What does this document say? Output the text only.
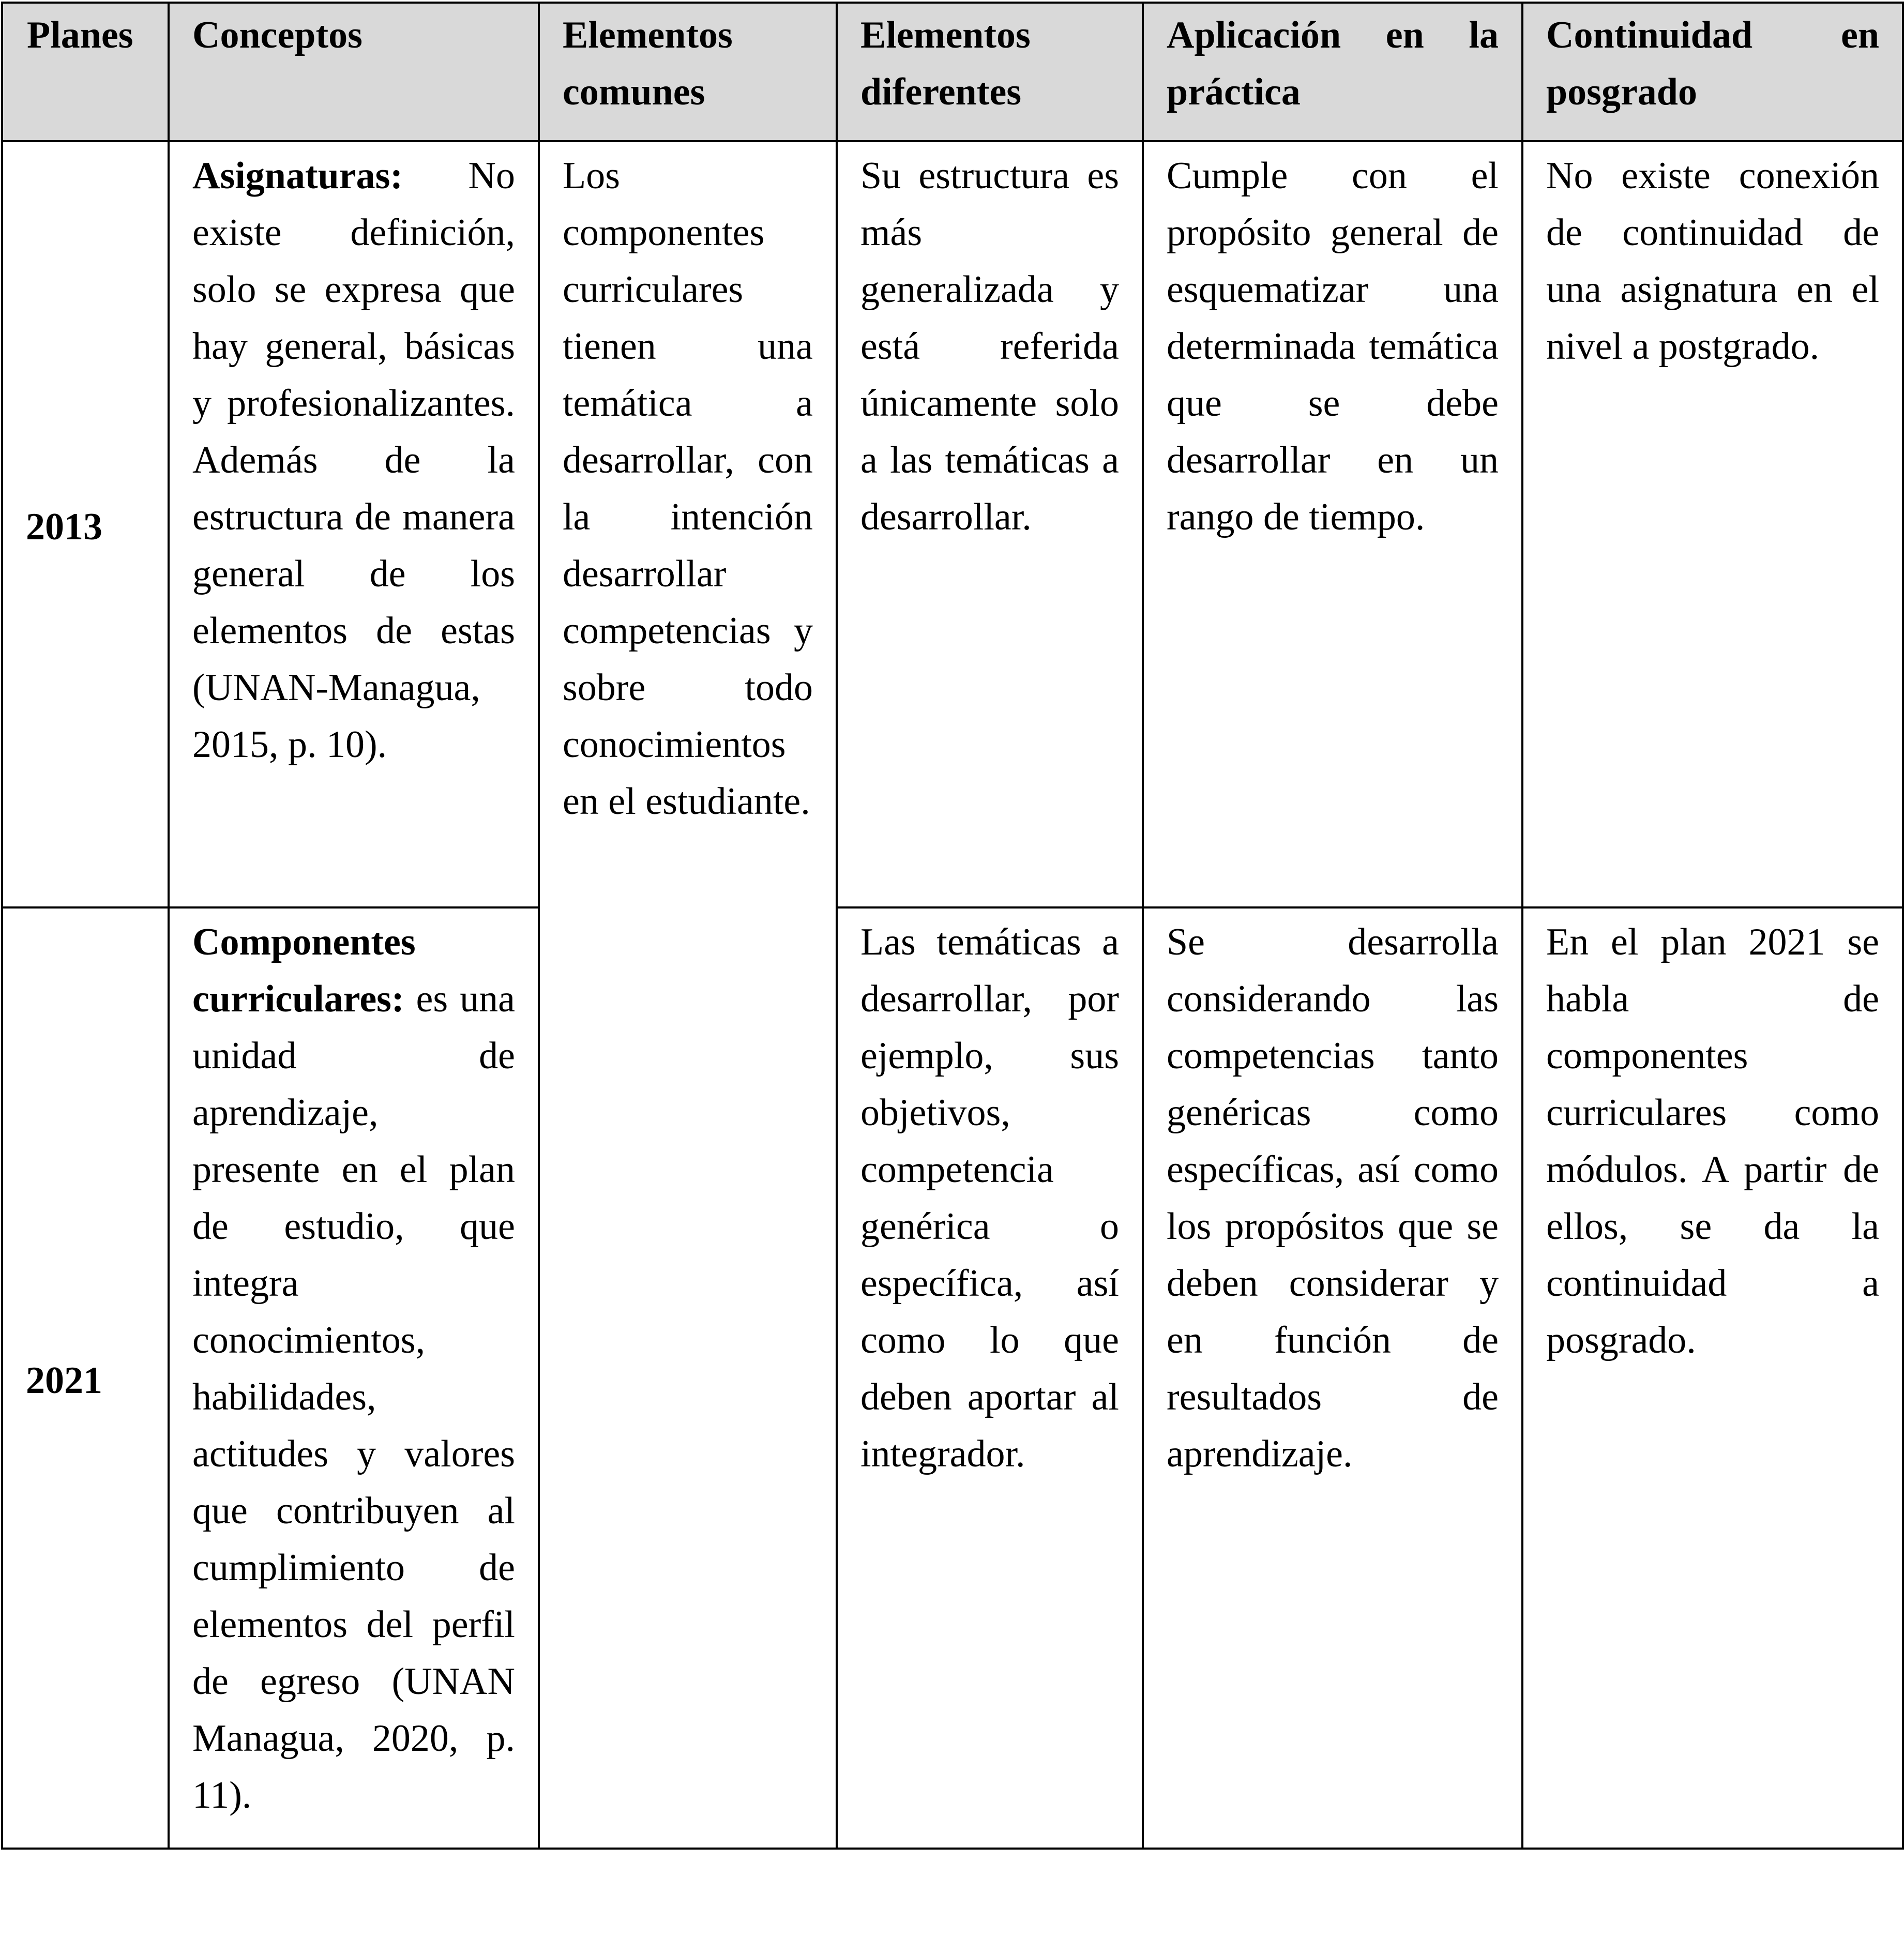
Planes	Conceptos	Elementos comunes	Elementos diferentes	Aplicación en la práctica	Continuidad en posgrado
2013	Asignaturas: No existe definición, solo se expresa que hay general, básicas y profesionalizantes. Además de la estructura de manera general de los elementos de estas (UNAN-Managua, 2015, p. 10).	Los componentes curriculares tienen una temática a desarrollar, con la intención desarrollar competencias y sobre todo conocimientos en el estudiante.	Su estructura es más generalizada y está referida únicamente solo a las temáticas a desarrollar.	Cumple con el propósito general de esquematizar una determinada temática que se debe desarrollar en un rango de tiempo.	No existe conexión de continuidad de una asignatura en el nivel a postgrado.
2021	Componentes curriculares: es una unidad de aprendizaje, presente en el plan de estudio, que integra conocimientos, habilidades, actitudes y valores que contribuyen al cumplimiento de elementos del perfil de egreso (UNAN Managua, 2020, p. 11).		Las temáticas a desarrollar, por ejemplo, sus objetivos, competencia genérica o específica, así como lo que deben aportar al integrador.	Se desarrolla considerando las competencias tanto genéricas como específicas, así como los propósitos que se deben considerar y en función de resultados de aprendizaje.	En el plan 2021 se habla de componentes curriculares como módulos. A partir de ellos, se da la continuidad a posgrado.
